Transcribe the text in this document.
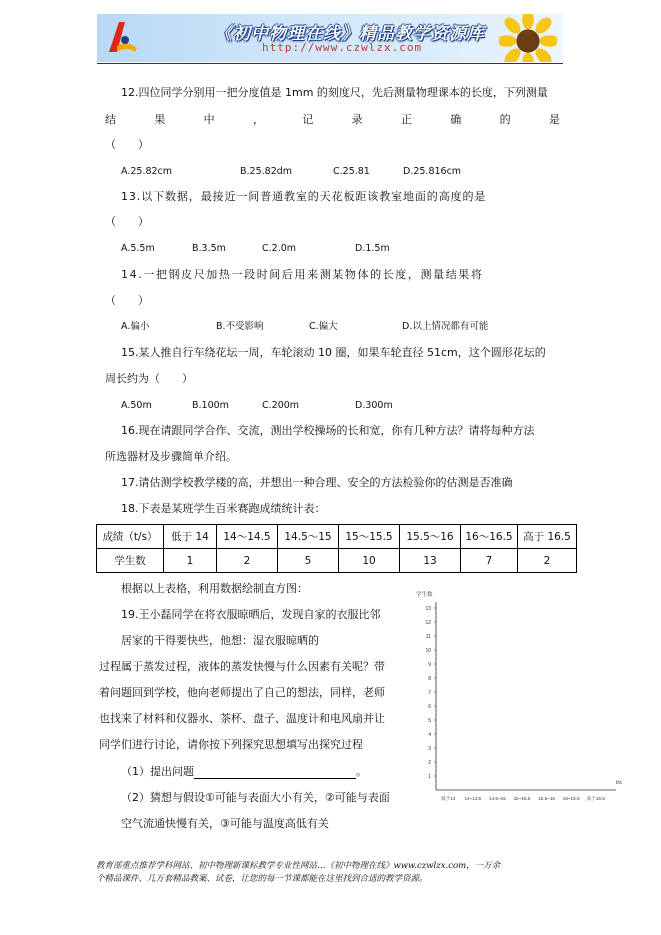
《初中物理在线》精品教学资源库
http://www.czwlzx.com
12.四位同学分别用一把分度值是 1mm 的刻度尺，先后测量物理课本的长度，下列测量
结	果	中	，	记	录	正	确	的	是
（　　）
A.25.82cm	B.25.82dm	C.25.81	D.25.816cm
13.以下数据，最接近一间普通教室的天花板距该教室地面的高度的是
（　　）
A.5.5m	B.3.5m	C.2.0m	D.1.5m
14.一把钢皮尺加热一段时间后用来测某物体的长度，测量结果将
（　　）
A.偏小	B.不受影响	C.偏大	D.以上情况都有可能
15.某人推自行车绕花坛一周，车轮滚动 10 圈，如果车轮直径 51cm，这个圆形花坛的
周长约为（　　）
A.50m	B.100m	C.200m	D.300m
16.现在请跟同学合作、交流，测出学校操场的长和宽，你有几种方法？请将每种方法
所选器材及步骤简单介绍。
17.请估测学校教学楼的高，并想出一种合理、安全的方法检验你的估测是否准确
18.下表是某班学生百米赛跑成绩统计表：
成绩（t/s）	低于 14	14～14.5	14.5～15	15～15.5	15.5～16	16～16.5	高于 16.5
学生数	1	2	5	10	13	7	2
根据以上表格，利用数据绘制直方图：	学生数
t/s
1
2
3
4
5
6
7
8
9
10
11
12
13
低于14 14~14.5 14.5~15 15~15.5 15.5~16 16~16.5 高于16.5
19.王小磊同学在将衣服晾晒后，发现自家的衣服比邻
居家的干得要快些，他想：湿衣服晾晒的
过程属于蒸发过程，液体的蒸发快慢与什么因素有关呢？带
着问题回到学校，他向老师提出了自己的想法，同样，老师
也找来了材料和仪器水、茶杯、盘子、温度计和电风扇并让
同学们进行讨论，请你按下列探究思想填写出探究过程
（1）提出问题	。
（2）猜想与假设①可能与表面大小有关，②可能与表面
空气流通快慢有关，③可能与温度高低有关
教育部重点推荐学科网站、初中物理新课标教学专业性网站…《初中物理在线》www.czwlzx.com，一万余
个精品课件、几万套精品教案、试卷，让您的每一节课都能在这里找到合适的教学资源。
